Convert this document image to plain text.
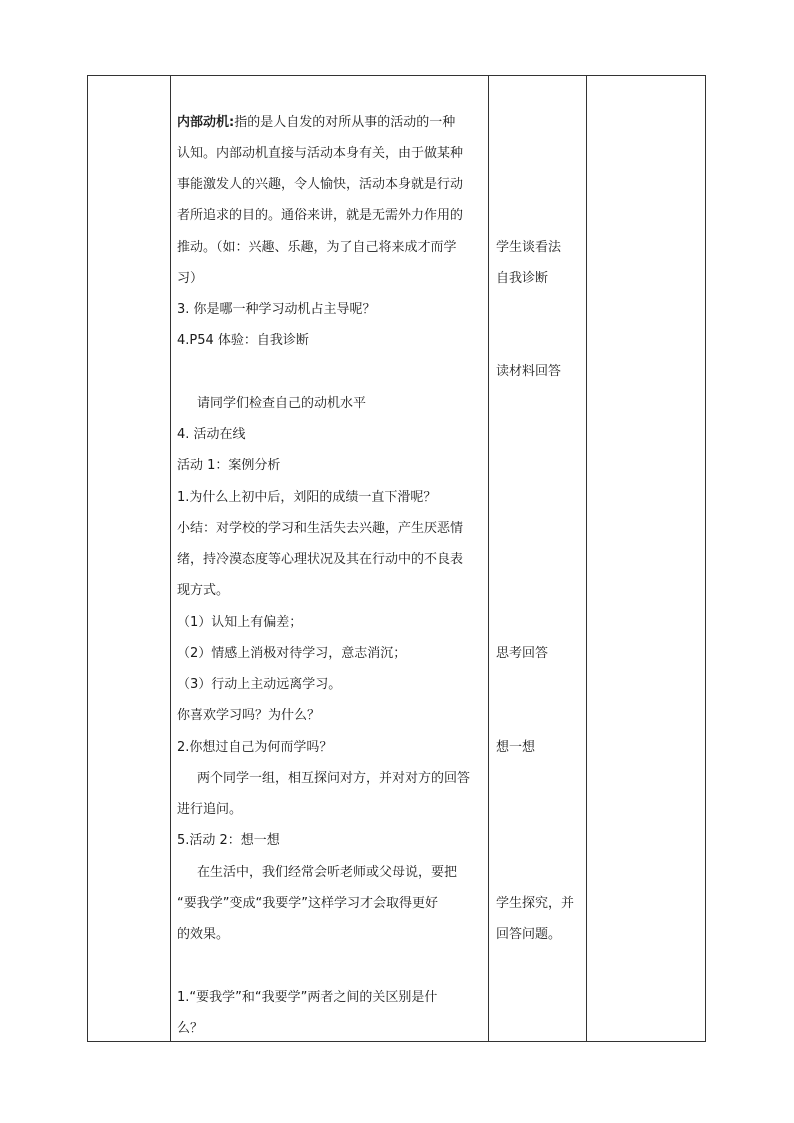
内部动机:指的是人自发的对所从事的活动的一种
认知。内部动机直接与活动本身有关，由于做某种
事能激发人的兴趣，令人愉快，活动本身就是行动
者所追求的目的。通俗来讲，就是无需外力作用的
推动。（如：兴趣、乐趣，为了自己将来成才而学
习）
3. 你是哪一种学习动机占主导呢？
4.P54 体验：自我诊断
请同学们检查自己的动机水平
4. 活动在线
活动 1：案例分析
1.为什么上初中后，刘阳的成绩一直下滑呢？
小结：对学校的学习和生活失去兴趣，产生厌恶情
绪，持冷漠态度等心理状况及其在行动中的不良表
现方式。
（1）认知上有偏差；
（2）情感上消极对待学习，意志消沉；
（3）行动上主动远离学习。
你喜欢学习吗？为什么？
2.你想过自己为何而学吗？
两个同学一组，相互探问对方，并对对方的回答
进行追问。
5.活动 2：想一想
在生活中，我们经常会听老师或父母说，要把
“要我学”变成“我要学”这样学习才会取得更好
的效果。
1.“要我学”和“我要学”两者之间的关区别是什
么？
学生谈看法
自我诊断
读材料回答
思考回答
想一想
学生探究，并
回答问题。
